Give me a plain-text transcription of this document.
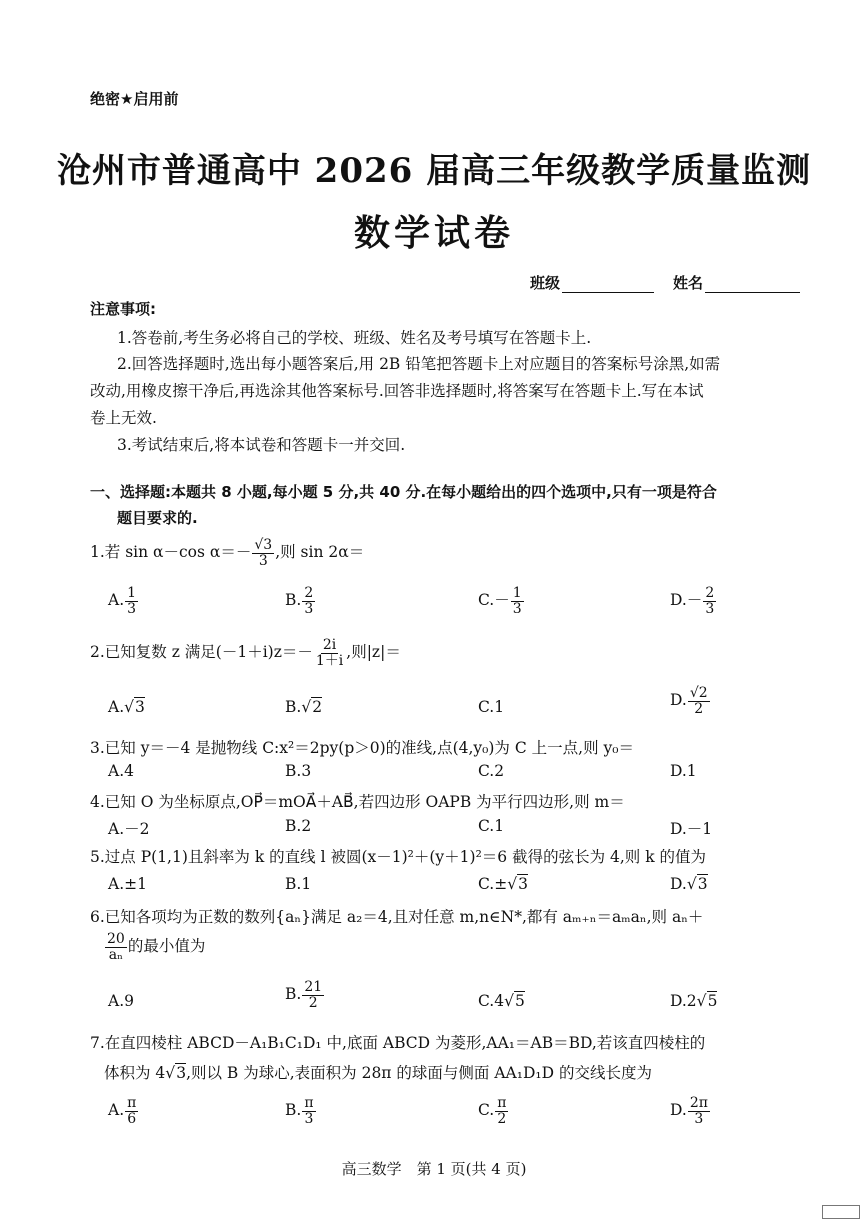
绝密★启用前
沧州市普通高中 2026 届高三年级教学质量监测
数学试卷
班级	姓名
注意事项:
1.答卷前,考生务必将自己的学校、班级、姓名及考号填写在答题卡上.
2.回答选择题时,选出每小题答案后,用 2B 铅笔把答题卡上对应题目的答案标号涂黑,如需
改动,用橡皮擦干净后,再选涂其他答案标号.回答非选择题时,将答案写在答题卡上.写在本试
卷上无效.
3.考试结束后,将本试卷和答题卡一并交回.
一、选择题:本题共 8 小题,每小题 5 分,共 40 分.在每小题给出的四个选项中,只有一项是符合
题目要求的.
1.若 sin α－cos $\alpha=- \frac{√3}{3}$ ,则 sin 2α＝
A. $\frac{1}{3}$	B. $\frac{2}{3}$	$C.- \frac{1}{3}$	$D.- \frac{2}{3}$
2.已知复数 z 满足$(-1+i)z=- \frac{2i}{1+i}$ ,则|z|＝
A.√3	B.√2	C.1	D. $\frac{√2}{2}$
3.已知 y＝－4 是抛物线 C:x²＝2py(p＞0)的准线,点(4,y₀)为 C 上一点,则 y₀＝
A.4	B.3	C.2	D.1
4.已知 O 为坐标原点,OP⃗＝mOA⃗＋AB⃗,若四边形 OAPB 为平行四边形,则 m＝
A.－2	B.2	C.1	D.－1
5.过点 P(1,1)且斜率为 k 的直线 l 被圆(x－1)²＋(y＋1)²＝6 截得的弦长为 4,则 k 的值为
A.±1	B.1	C.±√3	D.√3
6.已知各项均为正数的数列{aₙ}满足 a₂＝4,且对任意 m,n∈N*,都有 aₘ₊ₙ＝aₘaₙ,则 aₙ＋
$\frac{20}{\text{aₙ}}$ 的最小值为
A.9	B. $\frac{21}{2}$	C.4√5	D.2√5
7.在直四棱柱 ABCD－A₁B₁C₁D₁ 中,底面 ABCD 为菱形,AA₁＝AB＝BD,若该直四棱柱的
体积为 4√3,则以 B 为球心,表面积为 28π 的球面与侧面 AA₁D₁D 的交线长度为
A. $\frac{\pi}{6}$	B. $\frac{\pi}{3}$	C. $\frac{\pi}{2}$	D. $\frac{2\pi}{3}$
高三数学　第 1 页(共 4 页)
